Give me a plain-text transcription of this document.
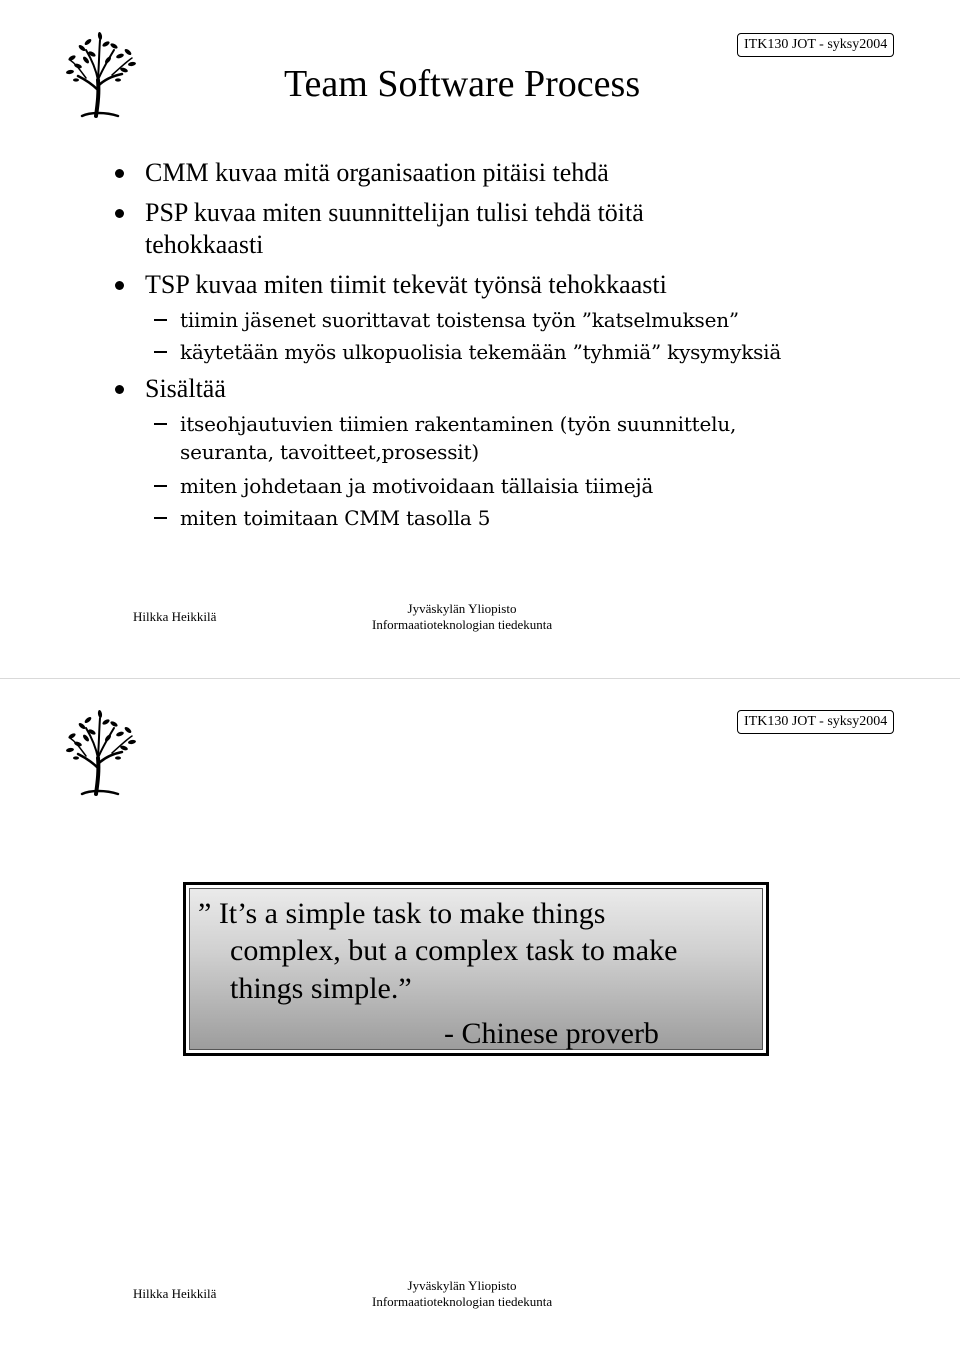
ITK130 JOT - syksy2004
Team Software Process
CMM kuvaa mitä organisaation pitäisi tehdä
PSP kuvaa miten suunnittelijan tulisi tehdä töitä
tehokkaasti
TSP kuvaa miten tiimit tekevät työnsä tehokkaasti
tiimin jäsenet suorittavat toistensa työn ”katselmuksen”
käytetään myös ulkopuolisia tekemään ”tyhmiä” kysymyksiä
Sisältää
itseohjautuvien tiimien rakentaminen (työn suunnittelu,
seuranta, tavoitteet,prosessit)
miten johdetaan ja motivoidaan tällaisia tiimejä
miten toimitaan CMM tasolla 5
Hilkka Heikkilä
Jyväskylän Yliopisto
Informaatioteknologian tiedekunta
ITK130 JOT - syksy2004
” It’s a simple task to make things
complex, but a complex task to make
things simple.”
- Chinese proverb
Hilkka Heikkilä
Jyväskylän Yliopisto
Informaatioteknologian tiedekunta
